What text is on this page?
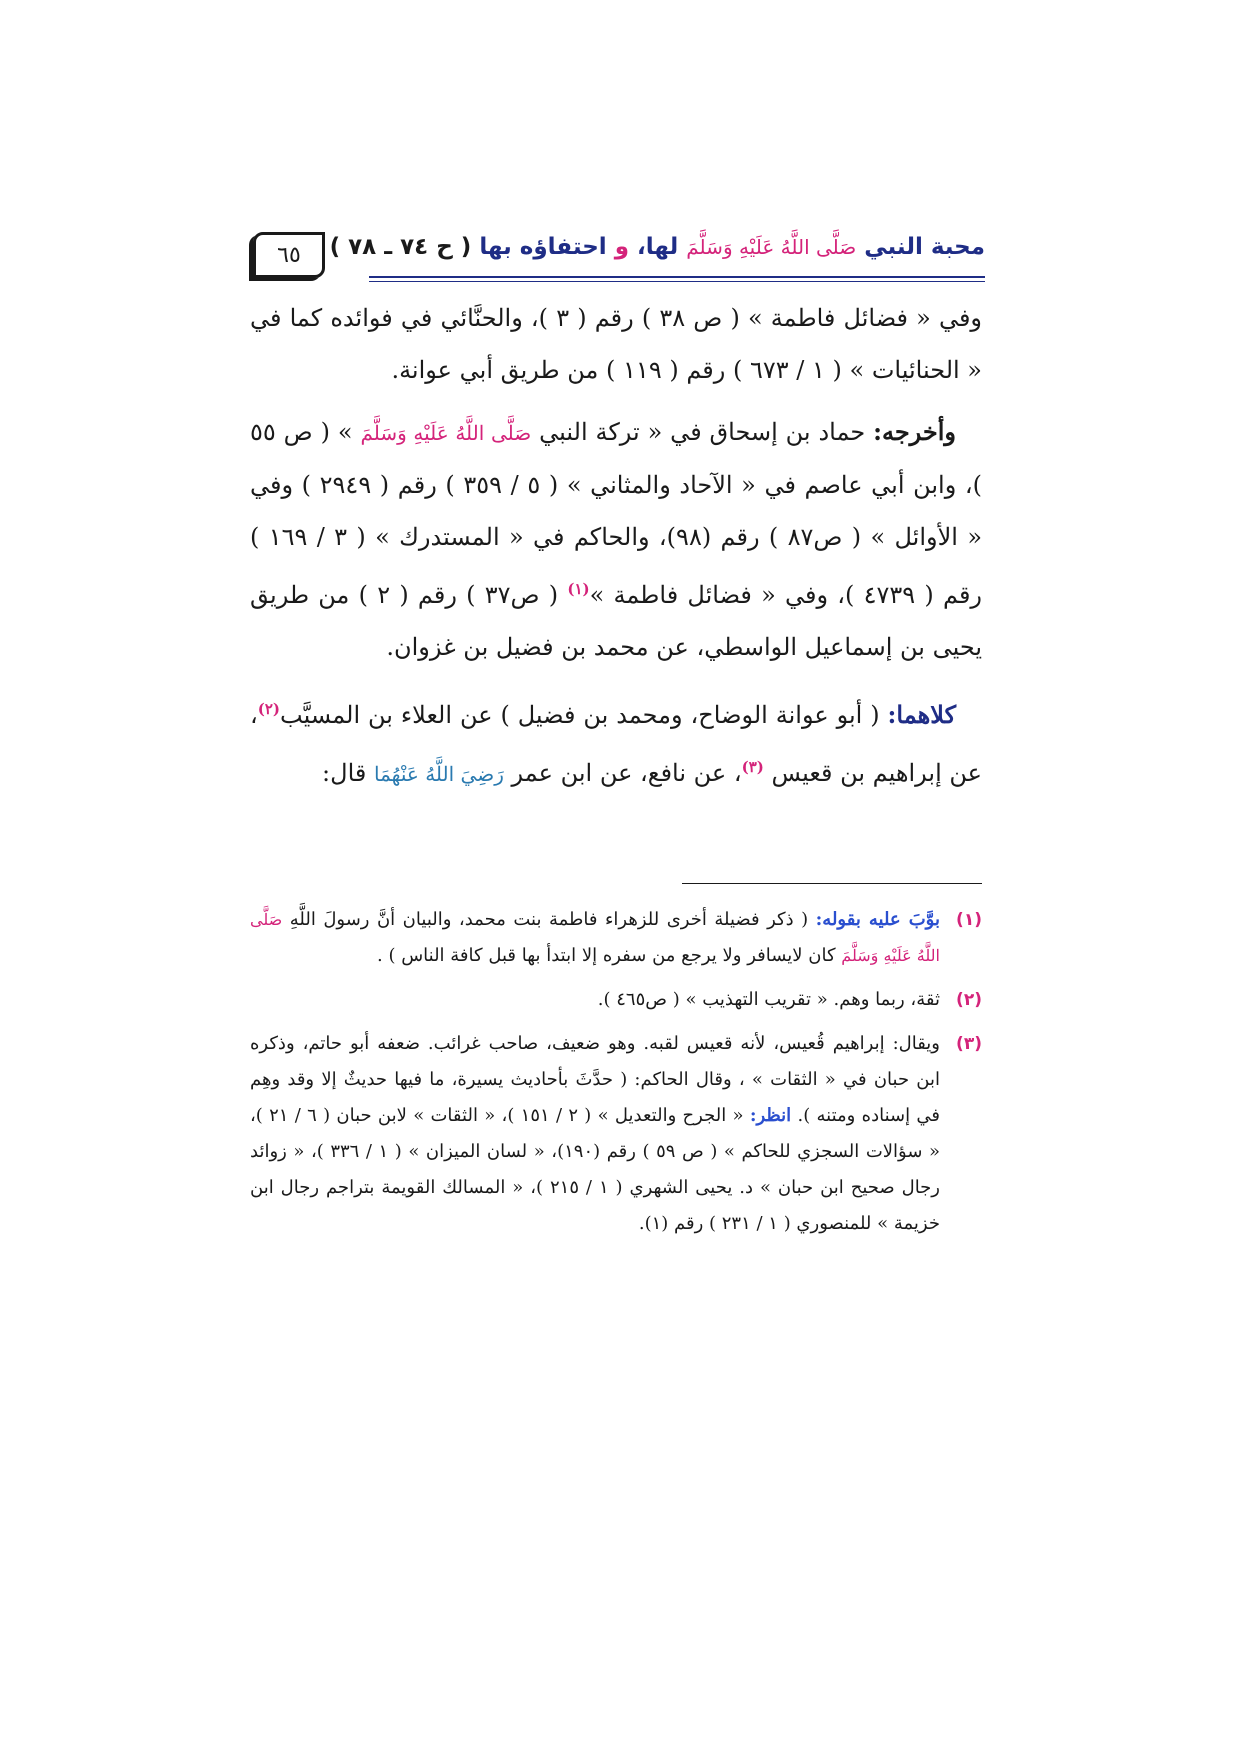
٦٥	محبة النبي صَلَّى اللَّهُ عَلَيْهِ وَسَلَّمَ لها، و احتفاؤه بها ( ح ٧٤ ـ ٧٨ )

وفي « فضائل فاطمة » ( ص ٣٨ ) رقم ( ٣ )، والحنَّائي في فوائده كما في « الحنائيات » ( ١ / ٦٧٣ ) رقم ( ١١٩ ) من طريق أبي عوانة.

وأخرجه: حماد بن إسحاق في « تركة النبي صَلَّى اللَّهُ عَلَيْهِ وَسَلَّمَ » ( ص ٥٥ )، وابن أبي عاصم في « الآحاد والمثاني » ( ٥ / ٣٥٩ ) رقم ( ٢٩٤٩ ) وفي « الأوائل » ( ص٨٧ ) رقم (٩٨)، والحاكم في « المستدرك » ( ٣ / ١٦٩ ) رقم ( ٤٧٣٩ )، وفي « فضائل فاطمة »$^{(١)}$ ( ص٣٧ ) رقم ( ٢ ) من طريق يحيى بن إسماعيل الواسطي، عن محمد بن فضيل بن غزوان.

كلاهما: ( أبو عوانة الوضاح، ومحمد بن فضيل ) عن العلاء بن المسيَّب$^{(٢)}$، عن إبراهيم بن قعيس $^{(٣)}$، عن نافع، عن ابن عمر رَضِيَ اللَّهُ عَنْهُمَا قال:

(١)
بوَّبَ عليه بقوله: ( ذكر فضيلة أخرى للزهراء فاطمة بنت محمد، والبيان أنَّ رسولَ اللَّهِ صَلَّى اللَّهُ عَلَيْهِ وَسَلَّمَ كان لايسافر ولا يرجع من سفره إلا ابتدأ بها قبل كافة الناس ) .
(٢)
ثقة، ربما وهم. « تقريب التهذيب » ( ص٤٦٥ ).
(٣)
ويقال: إبراهيم قُعيس، لأنه قعيس لقبه. وهو ضعيف، صاحب غرائب. ضعفه أبو حاتم، وذكره ابن حبان في « الثقات » ، وقال الحاكم: ( حدَّثَ بأحاديث يسيرة، ما فيها حديثٌ إلا وقد وهِم في إسناده ومتنه ). انظر: « الجرح والتعديل » ( ٢ / ١٥١ )، « الثقات » لابن حبان ( ٦ / ٢١ )، « سؤالات السجزي للحاكم » ( ص ٥٩ ) رقم (١٩٠)، « لسان الميزان » ( ١ / ٣٣٦ )، « زوائد رجال صحيح ابن حبان » د. يحيى الشهري ( ١ / ٢١٥ )، « المسالك القويمة بتراجم رجال ابن خزيمة » للمنصوري ( ١ / ٢٣١ ) رقم (١).
